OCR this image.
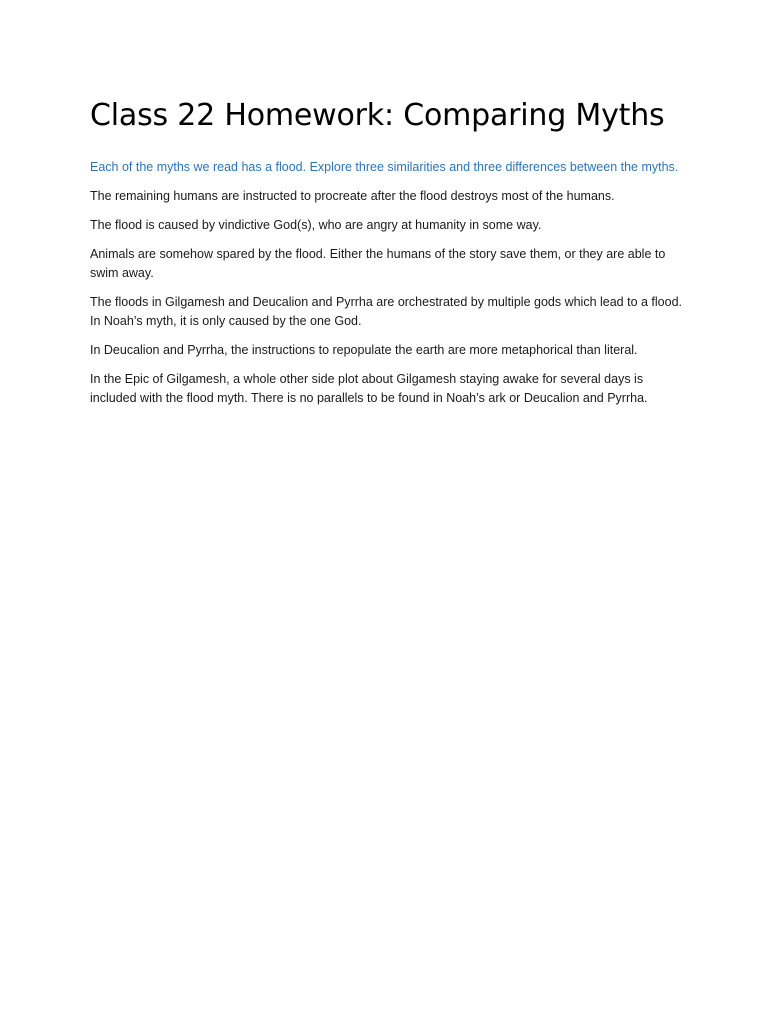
Class 22 Homework: Comparing Myths

Each of the myths we read has a flood. Explore three similarities and three differences between the myths.

The remaining humans are instructed to procreate after the flood destroys most of the humans.

The flood is caused by vindictive God(s), who are angry at humanity in some way.

Animals are somehow spared by the flood. Either the humans of the story save them, or they are able to swim away.

The floods in Gilgamesh and Deucalion and Pyrrha are orchestrated by multiple gods which lead to a flood. In Noah’s myth, it is only caused by the one God.

In Deucalion and Pyrrha, the instructions to repopulate the earth are more metaphorical than literal.

In the Epic of Gilgamesh, a whole other side plot about Gilgamesh staying awake for several days is included with the flood myth. There is no parallels to be found in Noah’s ark or Deucalion and Pyrrha.
